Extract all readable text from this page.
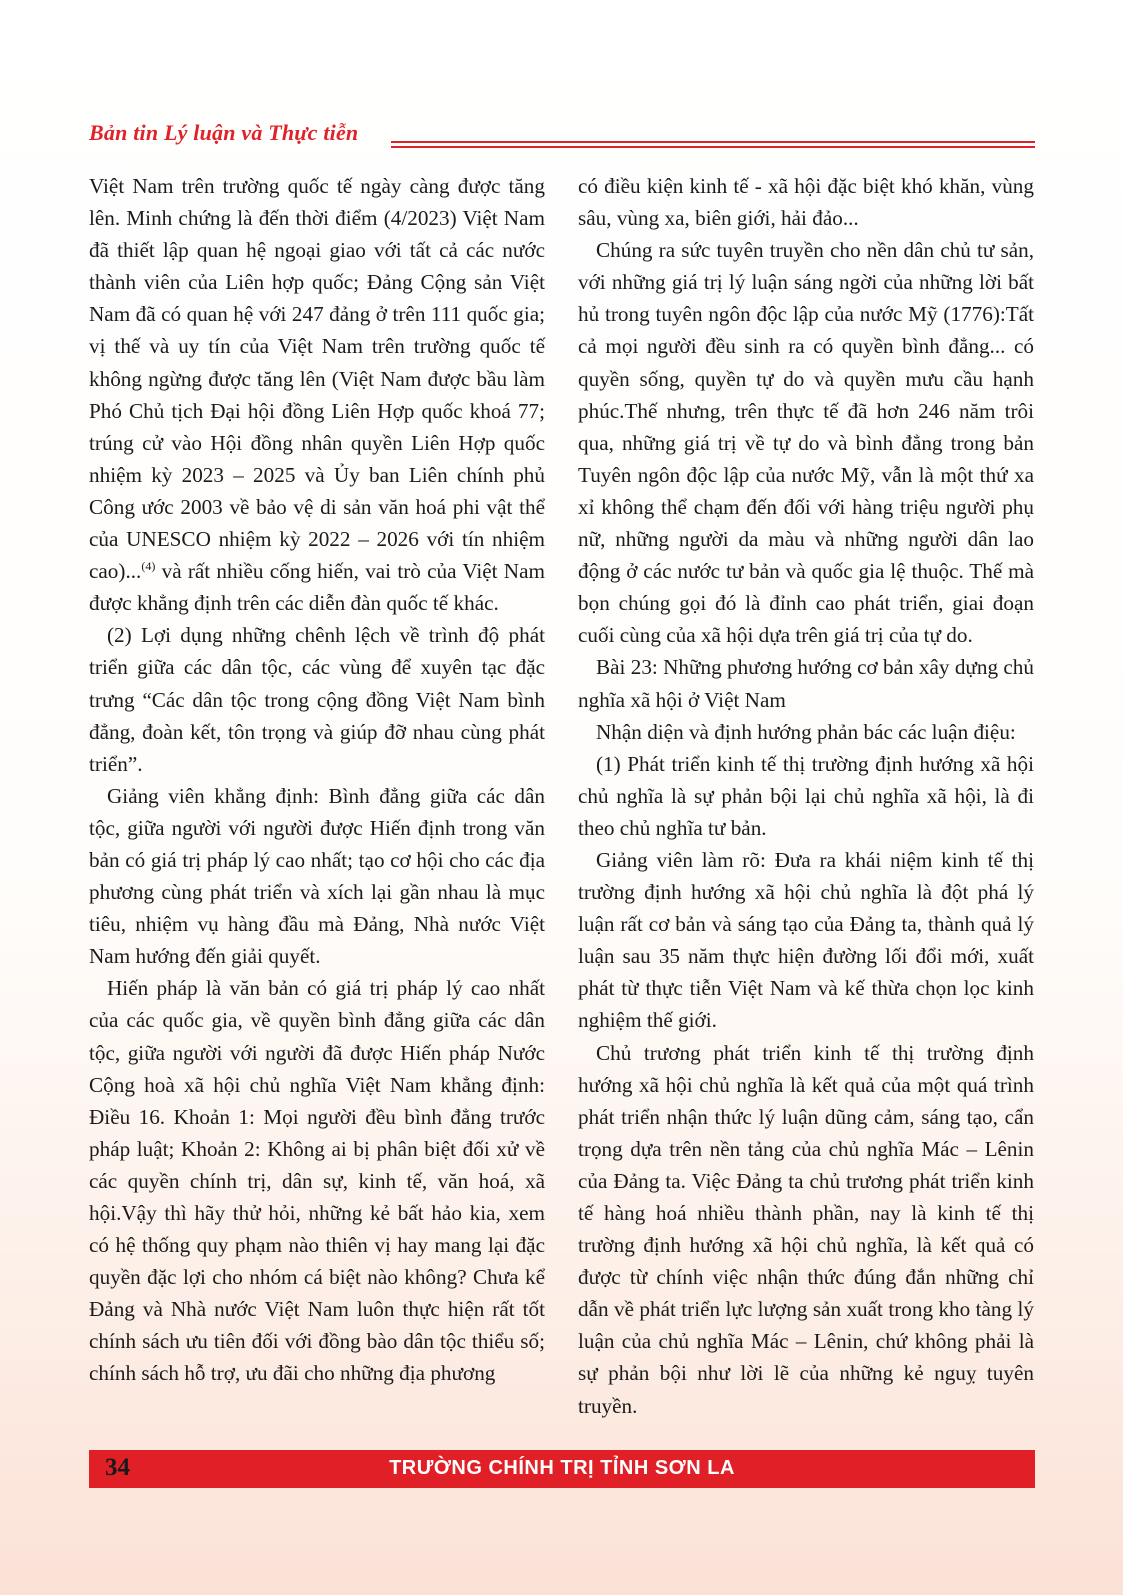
Bản tin Lý luận và Thực tiễn

Việt Nam trên trường quốc tế ngày càng được tăng lên. Minh chứng là đến thời điểm (4/2023) Việt Nam đã thiết lập quan hệ ngoại giao với tất cả các nước thành viên của Liên hợp quốc; Đảng Cộng sản Việt Nam đã có quan hệ với 247 đảng ở trên 111 quốc gia; vị thế và uy tín của Việt Nam trên trường quốc tế không ngừng được tăng lên (Việt Nam được bầu làm Phó Chủ tịch Đại hội đồng Liên Hợp quốc khoá 77; trúng cử vào Hội đồng nhân quyền Liên Hợp quốc nhiệm kỳ 2023 – 2025 và Ủy ban Liên chính phủ Công ước 2003 về bảo vệ di sản văn hoá phi vật thể của UNESCO nhiệm kỳ 2022 – 2026 với tín nhiệm cao)...$^{(4)}$ và rất nhiều cống hiến, vai trò của Việt Nam được khẳng định trên các diễn đàn quốc tế khác.

(2) Lợi dụng những chênh lệch về trình độ phát triển giữa các dân tộc, các vùng để xuyên tạc đặc trưng “Các dân tộc trong cộng đồng Việt Nam bình đẳng, đoàn kết, tôn trọng và giúp đỡ nhau cùng phát triển”.

Giảng viên khẳng định: Bình đẳng giữa các dân tộc, giữa người với người được Hiến định trong văn bản có giá trị pháp lý cao nhất; tạo cơ hội cho các địa phương cùng phát triển và xích lại gần nhau là mục tiêu, nhiệm vụ hàng đầu mà Đảng, Nhà nước Việt Nam hướng đến giải quyết.

Hiến pháp là văn bản có giá trị pháp lý cao nhất của các quốc gia, về quyền bình đẳng giữa các dân tộc, giữa người với người đã được Hiến pháp Nước Cộng hoà xã hội chủ nghĩa Việt Nam khẳng định: Điều 16. Khoản 1: Mọi người đều bình đẳng trước pháp luật; Khoản 2: Không ai bị phân biệt đối xử về các quyền chính trị, dân sự, kinh tế, văn hoá, xã hội.Vậy thì hãy thử hỏi, những kẻ bất hảo kia, xem có hệ thống quy phạm nào thiên vị hay mang lại đặc quyền đặc lợi cho nhóm cá biệt nào không? Chưa kể Đảng và Nhà nước Việt Nam luôn thực hiện rất tốt chính sách ưu tiên đối với đồng bào dân tộc thiểu số; chính sách hỗ trợ, ưu đãi cho những địa phương

có điều kiện kinh tế - xã hội đặc biệt khó khăn, vùng sâu, vùng xa, biên giới, hải đảo...

Chúng ra sức tuyên truyền cho nền dân chủ tư sản, với những giá trị lý luận sáng ngời của những lời bất hủ trong tuyên ngôn độc lập của nước Mỹ (1776):Tất cả mọi người đều sinh ra có quyền bình đẳng... có quyền sống, quyền tự do và quyền mưu cầu hạnh phúc.Thế nhưng, trên thực tế đã hơn 246 năm trôi qua, những giá trị về tự do và bình đẳng trong bản Tuyên ngôn độc lập của nước Mỹ, vẫn là một thứ xa xỉ không thể chạm đến đối với hàng triệu người phụ nữ, những người da màu và những người dân lao động ở các nước tư bản và quốc gia lệ thuộc. Thế mà bọn chúng gọi đó là đỉnh cao phát triển, giai đoạn cuối cùng của xã hội dựa trên giá trị của tự do.

Bài 23: Những phương hướng cơ bản xây dựng chủ nghĩa xã hội ở Việt Nam

Nhận diện và định hướng phản bác các luận điệu:

(1) Phát triển kinh tế thị trường định hướng xã hội chủ nghĩa là sự phản bội lại chủ nghĩa xã hội, là đi theo chủ nghĩa tư bản.

Giảng viên làm rõ: Đưa ra khái niệm kinh tế thị trường định hướng xã hội chủ nghĩa là đột phá lý luận rất cơ bản và sáng tạo của Đảng ta, thành quả lý luận sau 35 năm thực hiện đường lối đổi mới, xuất phát từ thực tiễn Việt Nam và kế thừa chọn lọc kinh nghiệm thế giới.

Chủ trương phát triển kinh tế thị trường định hướng xã hội chủ nghĩa là kết quả của một quá trình phát triển nhận thức lý luận dũng cảm, sáng tạo, cẩn trọng dựa trên nền tảng của chủ nghĩa Mác – Lênin của Đảng ta. Việc Đảng ta chủ trương phát triển kinh tế hàng hoá nhiều thành phần, nay là kinh tế thị trường định hướng xã hội chủ nghĩa, là kết quả có được từ chính việc nhận thức đúng đắn những chỉ dẫn về phát triển lực lượng sản xuất trong kho tàng lý luận của chủ nghĩa Mác – Lênin, chứ không phải là sự phản bội như lời lẽ của những kẻ nguỵ tuyên truyền.

34	TRƯỜNG CHÍNH TRỊ TỈNH SƠN LA
